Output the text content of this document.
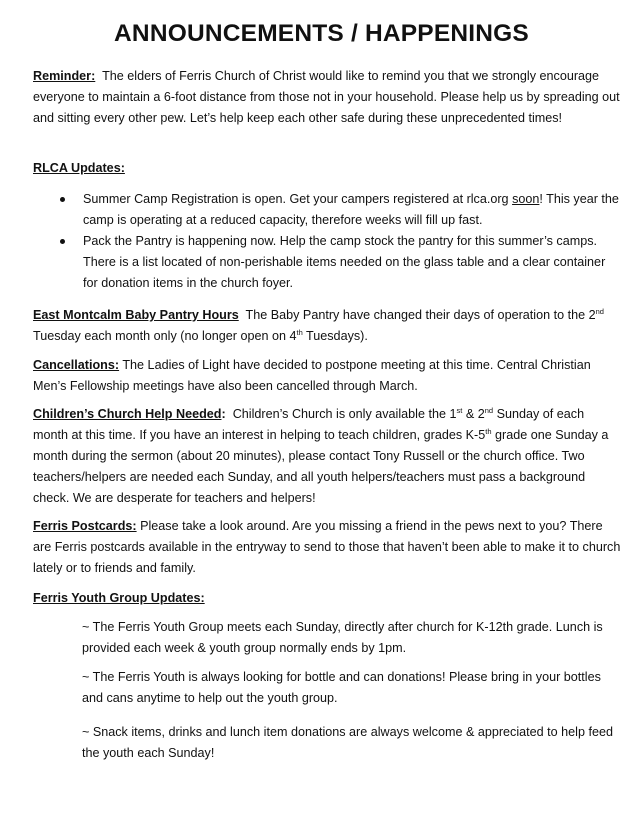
ANNOUNCEMENTS / HAPPENINGS

Reminder: The elders of Ferris Church of Christ would like to remind you that we strongly encourage everyone to maintain a 6-foot distance from those not in your household. Please help us by spreading out and sitting every other pew. Let’s help keep each other safe during these unprecedented times!

RLCA Updates:

Summer Camp Registration is open. Get your campers registered at rlca.org soon! This year the camp is operating at a reduced capacity, therefore weeks will fill up fast.
Pack the Pantry is happening now. Help the camp stock the pantry for this summer’s camps. There is a list located of non-perishable items needed on the glass table and a clear container for donation items in the church foyer.

East Montcalm Baby Pantry Hours The Baby Pantry have changed their days of operation to the 2nd Tuesday each month only (no longer open on 4th Tuesdays).

Cancellations: The Ladies of Light have decided to postpone meeting at this time. Central Christian Men’s Fellowship meetings have also been cancelled through March.

Children’s Church Help Needed: Children’s Church is only available the 1st & 2nd Sunday of each month at this time. If you have an interest in helping to teach children, grades K-5th grade one Sunday a month during the sermon (about 20 minutes), please contact Tony Russell or the church office. Two teachers/helpers are needed each Sunday, and all youth helpers/teachers must pass a background check. We are desperate for teachers and helpers!

Ferris Postcards: Please take a look around. Are you missing a friend in the pews next to you? There are Ferris postcards available in the entryway to send to those that haven’t been able to make it to church lately or to friends and family.

Ferris Youth Group Updates:

~ The Ferris Youth Group meets each Sunday, directly after church for K-12th grade. Lunch is provided each week & youth group normally ends by 1pm.

~ The Ferris Youth is always looking for bottle and can donations! Please bring in your bottles and cans anytime to help out the youth group.

~ Snack items, drinks and lunch item donations are always welcome & appreciated to help feed the youth each Sunday!
